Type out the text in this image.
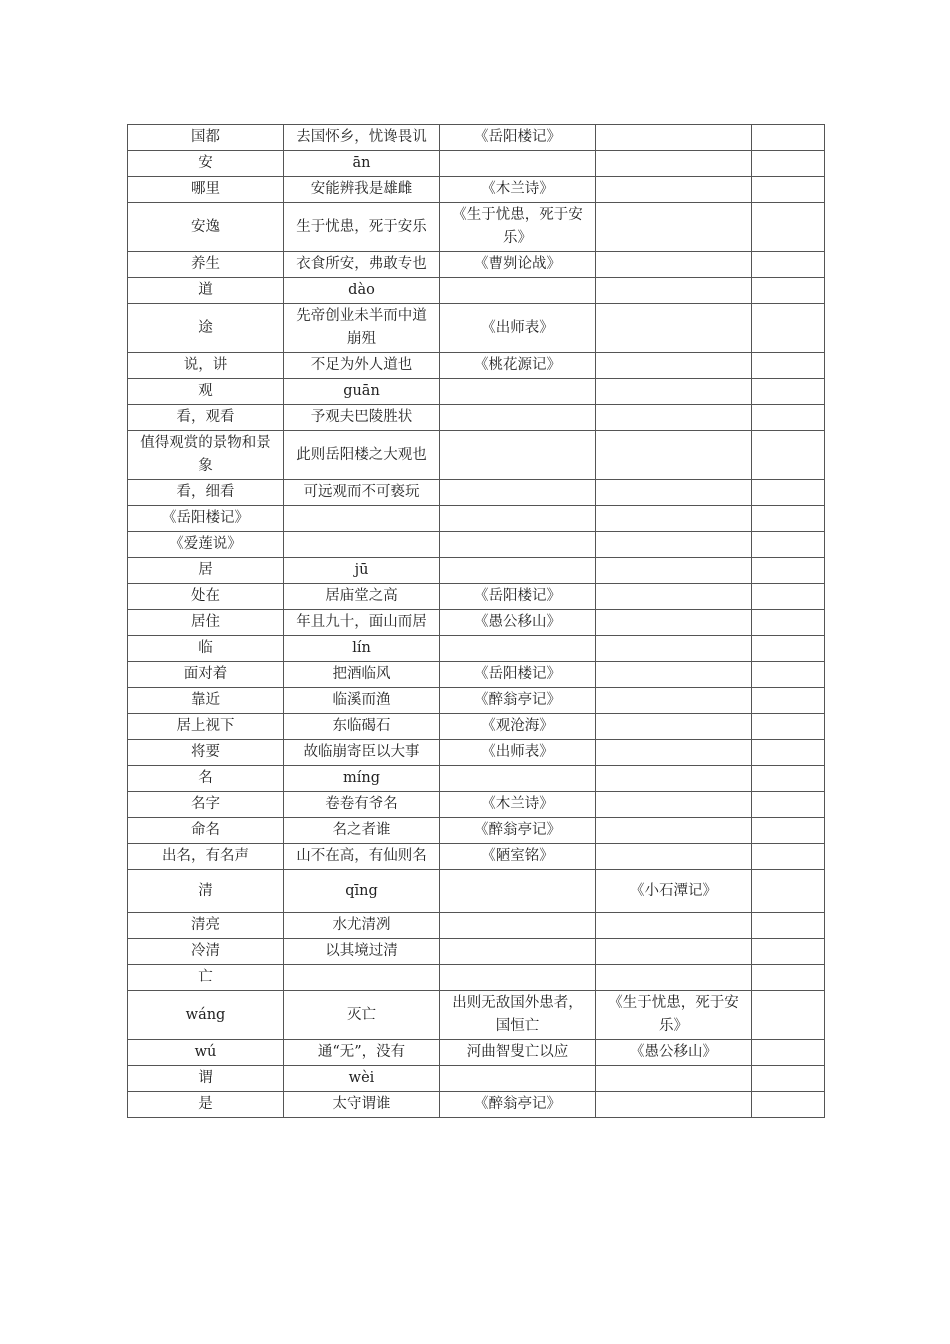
国都	去国怀乡，忧谗畏讥	《岳阳楼记》		
安	ān			
哪里	安能辨我是雄雌	《木兰诗》		
安逸	生于忧患，死于安乐	《生于忧患，死于安乐》		
养生	衣食所安，弗敢专也	《曹刿论战》		
道	dào			
途	先帝创业未半而中道崩殂	《出师表》		
说，讲	不足为外人道也	《桃花源记》		
观	guān			
看，观看	予观夫巴陵胜状			
值得观赏的景物和景象	此则岳阳楼之大观也			
看，细看	可远观而不可亵玩			
《岳阳楼记》				
《爱莲说》				
居	jū			
处在	居庙堂之高	《岳阳楼记》		
居住	年且九十，面山而居	《愚公移山》		
临	lín			
面对着	把酒临风	《岳阳楼记》		
靠近	临溪而渔	《醉翁亭记》		
居上视下	东临碣石	《观沧海》		
将要	故临崩寄臣以大事	《出师表》		
名	míng			
名字	卷卷有爷名	《木兰诗》		
命名	名之者谁	《醉翁亭记》		
出名，有名声	山不在高，有仙则名	《陋室铭》		
清	qīng		《小石潭记》	
清亮	水尤清冽			
冷清	以其境过清			
亡				
wáng	灭亡	出则无敌国外患者，国恒亡	《生于忧患，死于安乐》	
wú	通“无”，没有	河曲智叟亡以应	《愚公移山》	
谓	wèi			
是	太守谓谁	《醉翁亭记》		
